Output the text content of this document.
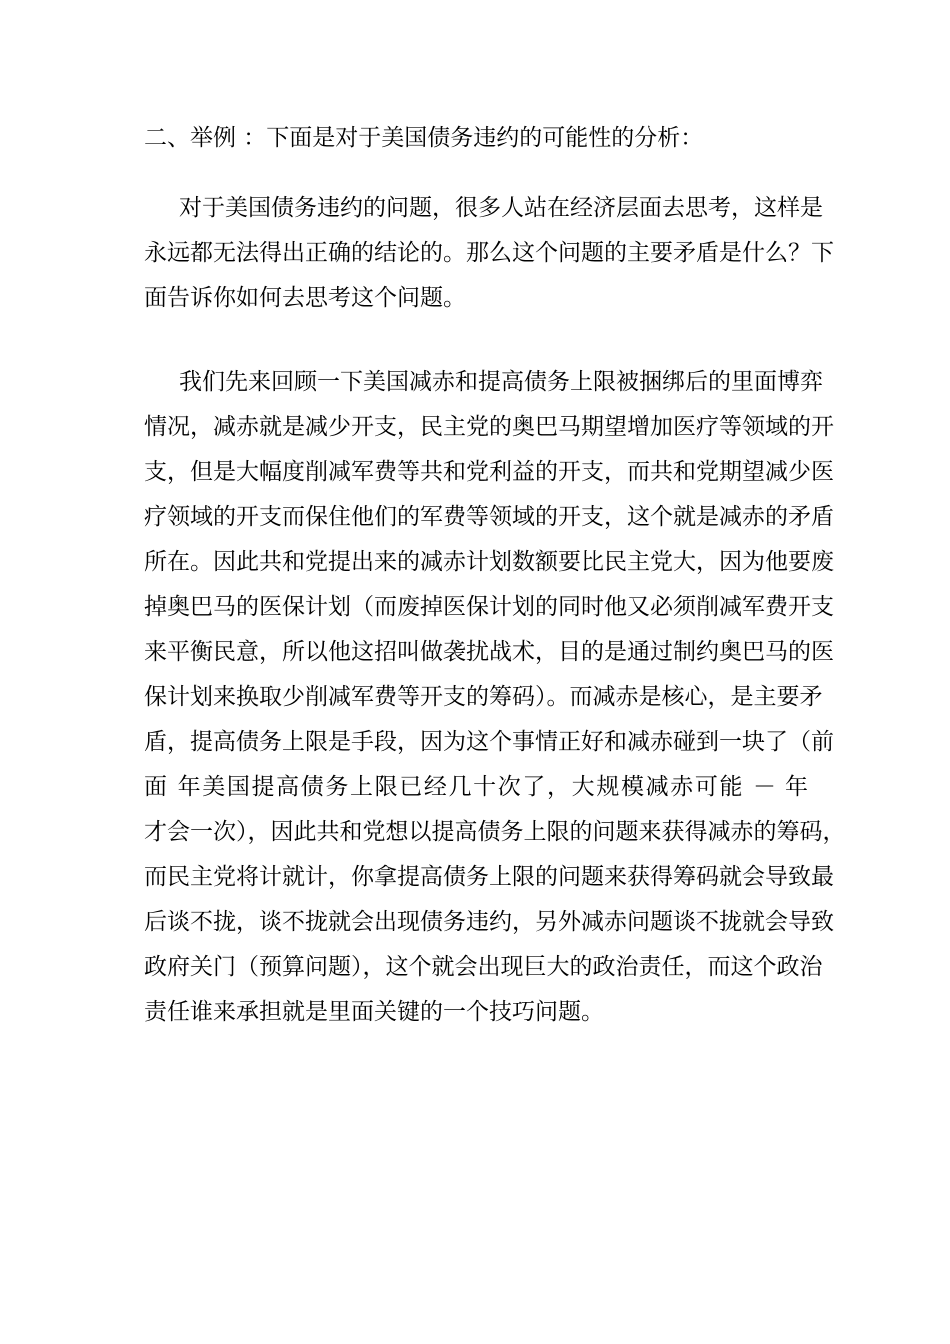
二、举例 ：下面是对于美国债务违约的可能性的分析：
对于美国债务违约的问题，很多人站在经济层面去思考，这样是
永远都无法得出正确的结论的。那么这个问题的主要矛盾是什么？下
面告诉你如何去思考这个问题。
我们先来回顾一下美国减赤和提高债务上限被捆绑后的里面博弈
情况，减赤就是减少开支，民主党的奥巴马期望增加医疗等领域的开
支，但是大幅度削减军费等共和党利益的开支，而共和党期望减少医
疗领域的开支而保住他们的军费等领域的开支，这个就是减赤的矛盾
所在。因此共和党提出来的减赤计划数额要比民主党大，因为他要废
掉奥巴马的医保计划（而废掉医保计划的同时他又必须削减军费开支
来平衡民意，所以他这招叫做袭扰战术，目的是通过制约奥巴马的医
保计划来换取少削减军费等开支的筹码）。而减赤是核心，是主要矛
盾，提高债务上限是手段，因为这个事情正好和减赤碰到一块了（前
面 年美国提高债务上限已经几十次了，大规模减赤可能 － 年
才会一次），因此共和党想以提高债务上限的问题来获得减赤的筹码，
而民主党将计就计，你拿提高债务上限的问题来获得筹码就会导致最
后谈不拢，谈不拢就会出现债务违约，另外减赤问题谈不拢就会导致
政府关门（预算问题），这个就会出现巨大的政治责任，而这个政治
责任谁来承担就是里面关键的一个技巧问题。
